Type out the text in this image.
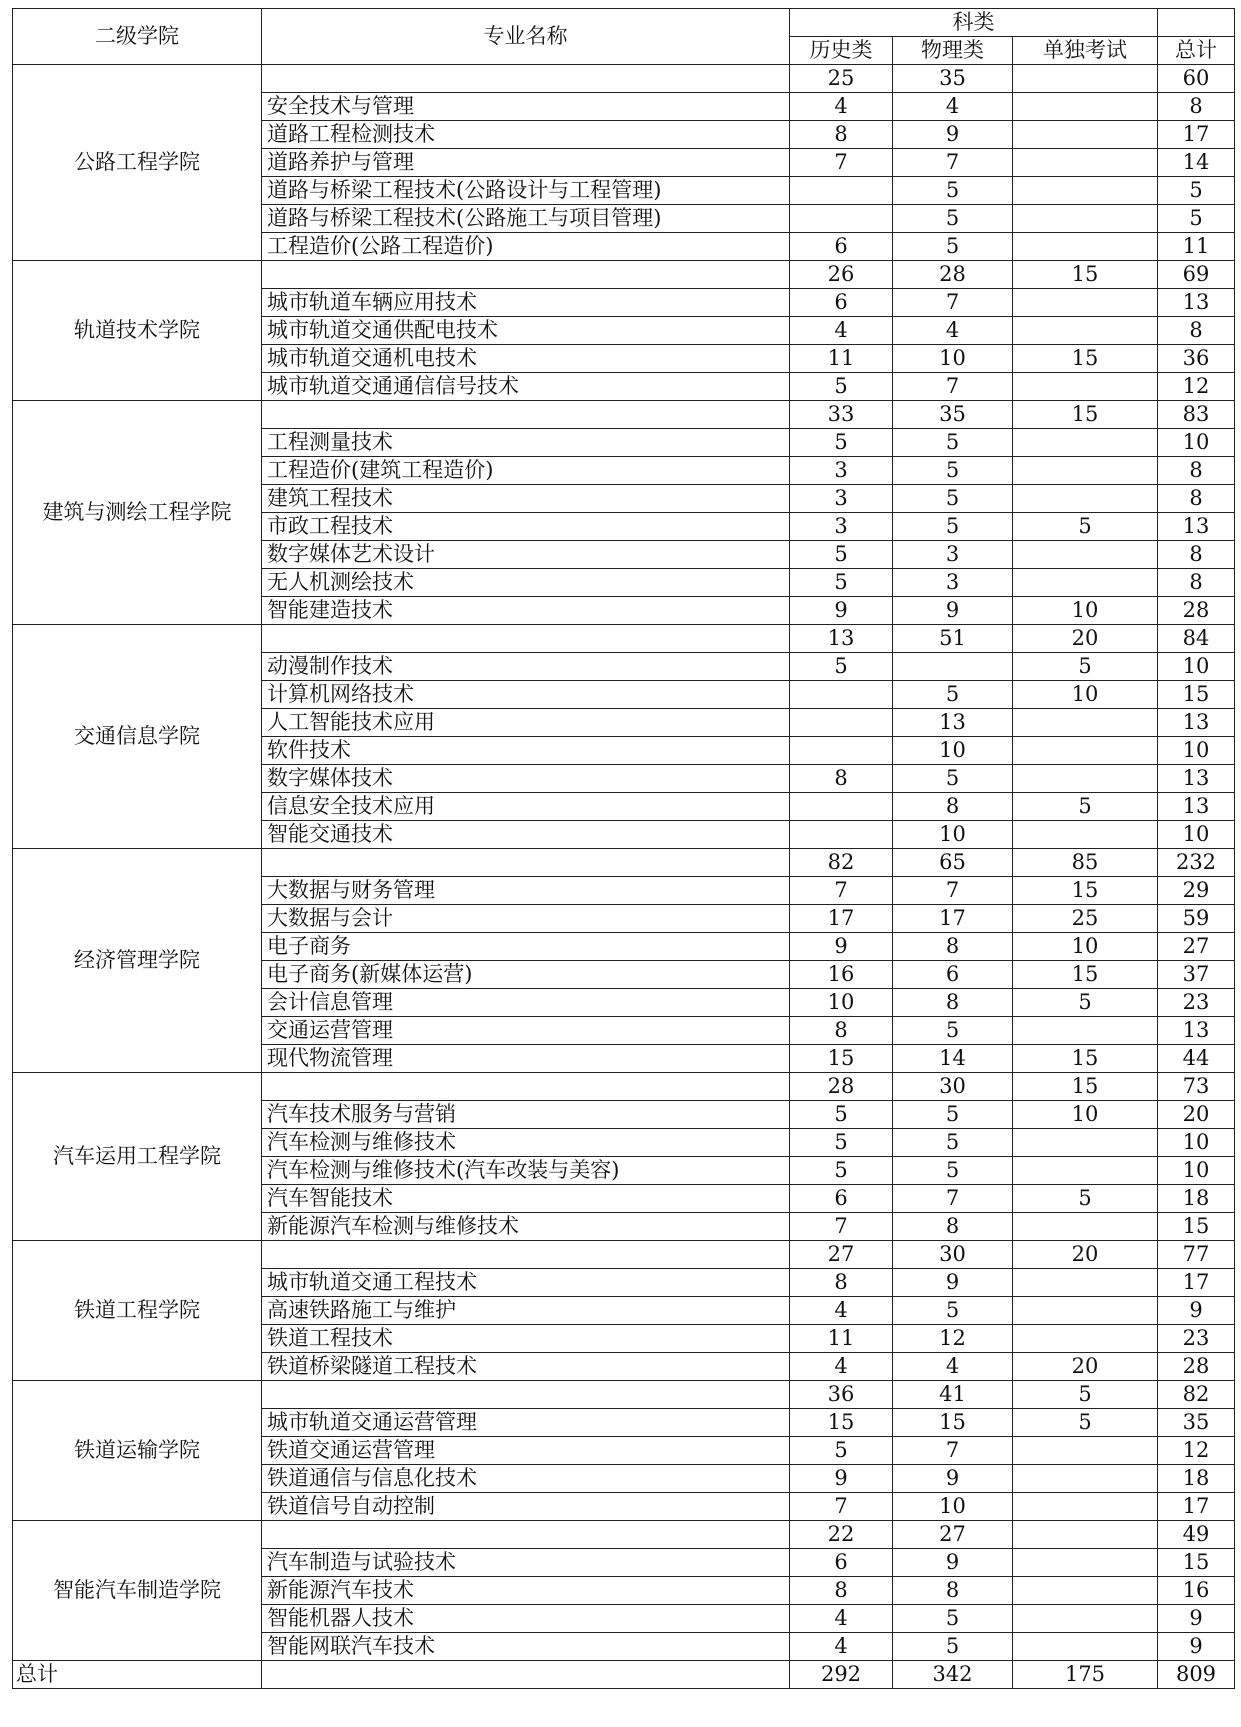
二级学院	专业名称	科类			
		历史类	物理类	单独考试	总计
公路工程学院		25	35		60
	安全技术与管理	4	4		8
	道路工程检测技术	8	9		17
	道路养护与管理	7	7		14
	道路与桥梁工程技术(公路设计与工程管理)		5		5
	道路与桥梁工程技术(公路施工与项目管理)		5		5
	工程造价(公路工程造价)	6	5		11
轨道技术学院		26	28	15	69
	城市轨道车辆应用技术	6	7		13
	城市轨道交通供配电技术	4	4		8
	城市轨道交通机电技术	11	10	15	36
	城市轨道交通通信信号技术	5	7		12
建筑与测绘工程学院		33	35	15	83
	工程测量技术	5	5		10
	工程造价(建筑工程造价)	3	5		8
	建筑工程技术	3	5		8
	市政工程技术	3	5	5	13
	数字媒体艺术设计	5	3		8
	无人机测绘技术	5	3		8
	智能建造技术	9	9	10	28
交通信息学院		13	51	20	84
	动漫制作技术	5		5	10
	计算机网络技术		5	10	15
	人工智能技术应用		13		13
	软件技术		10		10
	数字媒体技术	8	5		13
	信息安全技术应用		8	5	13
	智能交通技术		10		10
经济管理学院		82	65	85	232
	大数据与财务管理	7	7	15	29
	大数据与会计	17	17	25	59
	电子商务	9	8	10	27
	电子商务(新媒体运营)	16	6	15	37
	会计信息管理	10	8	5	23
	交通运营管理	8	5		13
	现代物流管理	15	14	15	44
汽车运用工程学院		28	30	15	73
	汽车技术服务与营销	5	5	10	20
	汽车检测与维修技术	5	5		10
	汽车检测与维修技术(汽车改装与美容)	5	5		10
	汽车智能技术	6	7	5	18
	新能源汽车检测与维修技术	7	8		15
铁道工程学院		27	30	20	77
	城市轨道交通工程技术	8	9		17
	高速铁路施工与维护	4	5		9
	铁道工程技术	11	12		23
	铁道桥梁隧道工程技术	4	4	20	28
铁道运输学院		36	41	5	82
	城市轨道交通运营管理	15	15	5	35
	铁道交通运营管理	5	7		12
	铁道通信与信息化技术	9	9		18
	铁道信号自动控制	7	10		17
智能汽车制造学院		22	27		49
	汽车制造与试验技术	6	9		15
	新能源汽车技术	8	8		16
	智能机器人技术	4	5		9
	智能网联汽车技术	4	5		9
总计		292	342	175	809
